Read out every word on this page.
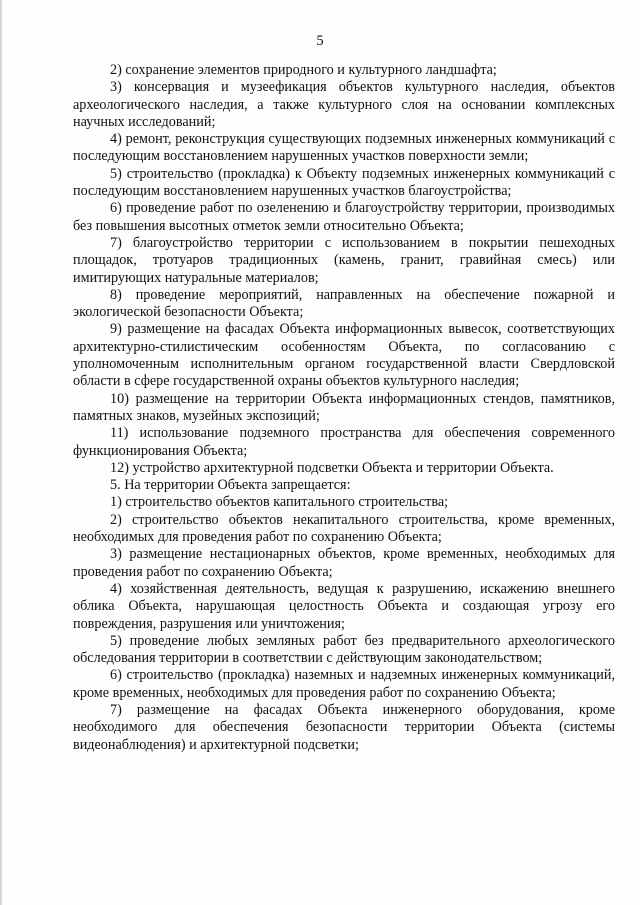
5

2) сохранение элементов природного и культурного ландшафта;

3) консервация и музеефикация объектов культурного наследия, объектов археологического наследия, а также культурного слоя на основании комплексных научных исследований;

4) ремонт, реконструкция существующих подземных инженерных коммуникаций с последующим восстановлением нарушенных участков поверхности земли;

5) строительство (прокладка) к Объекту подземных инженерных коммуникаций с последующим восстановлением нарушенных участков благоустройства;

6) проведение работ по озеленению и благоустройству территории, производимых без повышения высотных отметок земли относительно Объекта;

7) благоустройство территории с использованием в покрытии пешеходных площадок, тротуаров традиционных (камень, гранит, гравийная смесь) или имитирующих натуральные материалов;

8) проведение мероприятий, направленных на обеспечение пожарной и экологической безопасности Объекта;

9) размещение на фасадах Объекта информационных вывесок, соответствующих архитектурно-стилистическим особенностям Объекта, по согласованию с уполномоченным исполнительным органом государственной власти Свердловской области в сфере государственной охраны объектов культурного наследия;

10) размещение на территории Объекта информационных стендов, памятников, памятных знаков, музейных экспозиций;

11) использование подземного пространства для обеспечения современного функционирования Объекта;

12) устройство архитектурной подсветки Объекта и территории Объекта.

5. На территории Объекта запрещается:

1) строительство объектов капитального строительства;

2) строительство объектов некапитального строительства, кроме временных, необходимых для проведения работ по сохранению Объекта;

3) размещение нестационарных объектов, кроме временных, необходимых для проведения работ по сохранению Объекта;

4) хозяйственная деятельность, ведущая к разрушению, искажению внешнего облика Объекта, нарушающая целостность Объекта и создающая угрозу его повреждения, разрушения или уничтожения;

5) проведение любых земляных работ без предварительного археологического обследования территории в соответствии с действующим законодательством;

6) строительство (прокладка) наземных и надземных инженерных коммуникаций, кроме временных, необходимых для проведения работ по сохранению Объекта;

7) размещение на фасадах Объекта инженерного оборудования, кроме необходимого для обеспечения безопасности территории Объекта (системы видеонаблюдения) и архитектурной подсветки;
